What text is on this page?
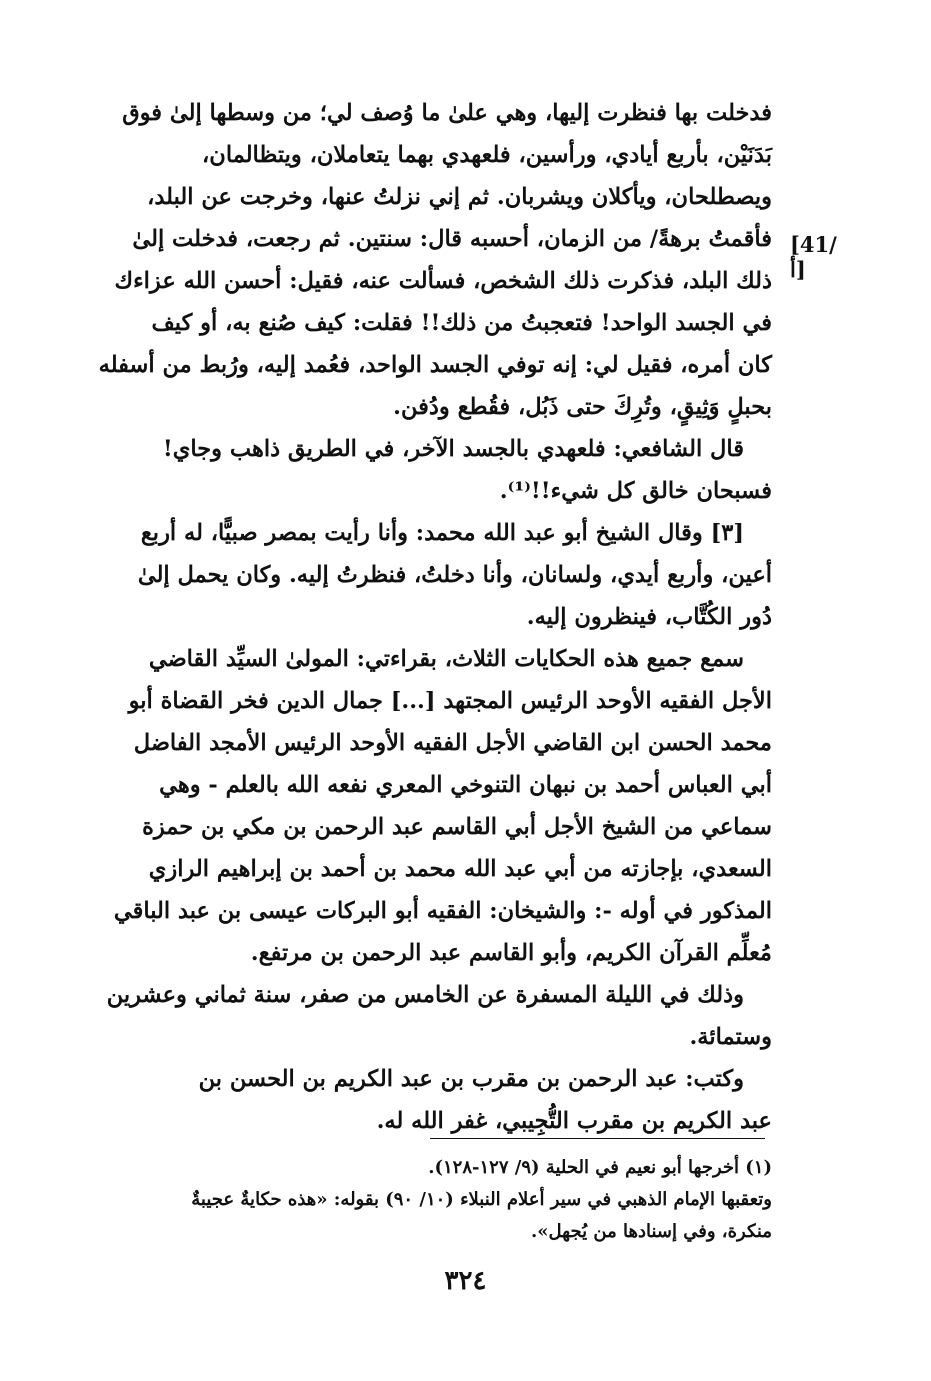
[41/أ]
فدخلت بها فنظرت إليها، وهي علىٰ ما وُصف لي؛ من وسطها إلىٰ فوق
بَدَنَيْن، بأربع أيادي، ورأسين، فلعهدي بهما يتعاملان، ويتظالمان،
ويصطلحان، ويأكلان ويشربان. ثم إني نزلتُ عنها، وخرجت عن البلد،
فأقمتُ برهةً/ من الزمان، أحسبه قال: سنتين. ثم رجعت، فدخلت إلىٰ
ذلك البلد، فذكرت ذلك الشخص، فسألت عنه، فقيل: أحسن الله عزاءك
في الجسد الواحد! فتعجبتُ من ذلك!! فقلت: كيف صُنع به، أو كيف
كان أمره، فقيل لي: إنه توفي الجسد الواحد، فعُمد إليه، ورُبط من أسفله
بحبلٍ وَثِيقٍ، وتُرِكَ حتى ذَبُل، فقُطع ودُفن.
قال الشافعي: فلعهدي بالجسد الآخر، في الطريق ذاهب وجاي!
فسبحان خالق كل شيء!!⁽¹⁾.
[٣] وقال الشيخ أبو عبد الله محمد: وأنا رأيت بمصر صبيًّا، له أربع
أعين، وأربع أيدي، ولسانان، وأنا دخلتُ، فنظرتُ إليه. وكان يحمل إلىٰ
دُور الكُتَّاب، فينظرون إليه.
سمع جميع هذه الحكايات الثلاث، بقراءتي: المولىٰ السيِّد القاضي
الأجل الفقيه الأوحد الرئيس المجتهد [...] جمال الدين فخر القضاة أبو
محمد الحسن ابن القاضي الأجل الفقيه الأوحد الرئيس الأمجد الفاضل
أبي العباس أحمد بن نبهان التنوخي المعري نفعه الله بالعلم - وهي
سماعي من الشيخ الأجل أبي القاسم عبد الرحمن بن مكي بن حمزة
السعدي، بإجازته من أبي عبد الله محمد بن أحمد بن إبراهيم الرازي
المذكور في أوله -: والشيخان: الفقيه أبو البركات عيسى بن عبد الباقي
مُعلِّم القرآن الكريم، وأبو القاسم عبد الرحمن بن مرتفع.
وذلك في الليلة المسفرة عن الخامس من صفر، سنة ثماني وعشرين
وستمائة.
وكتب: عبد الرحمن بن مقرب بن عبد الكريم بن الحسن بن
عبد الكريم بن مقرب التُّجِيبي، غفر الله له.
(١) أخرجها أبو نعيم في الحلية (٩/ ١٢٧-١٢٨).
وتعقبها الإمام الذهبي في سير أعلام النبلاء (١٠/ ٩٠) بقوله: «هذه حكايةٌ عجيبةٌ
منكرة، وفي إسنادها من يُجهل».
٣٢٤
